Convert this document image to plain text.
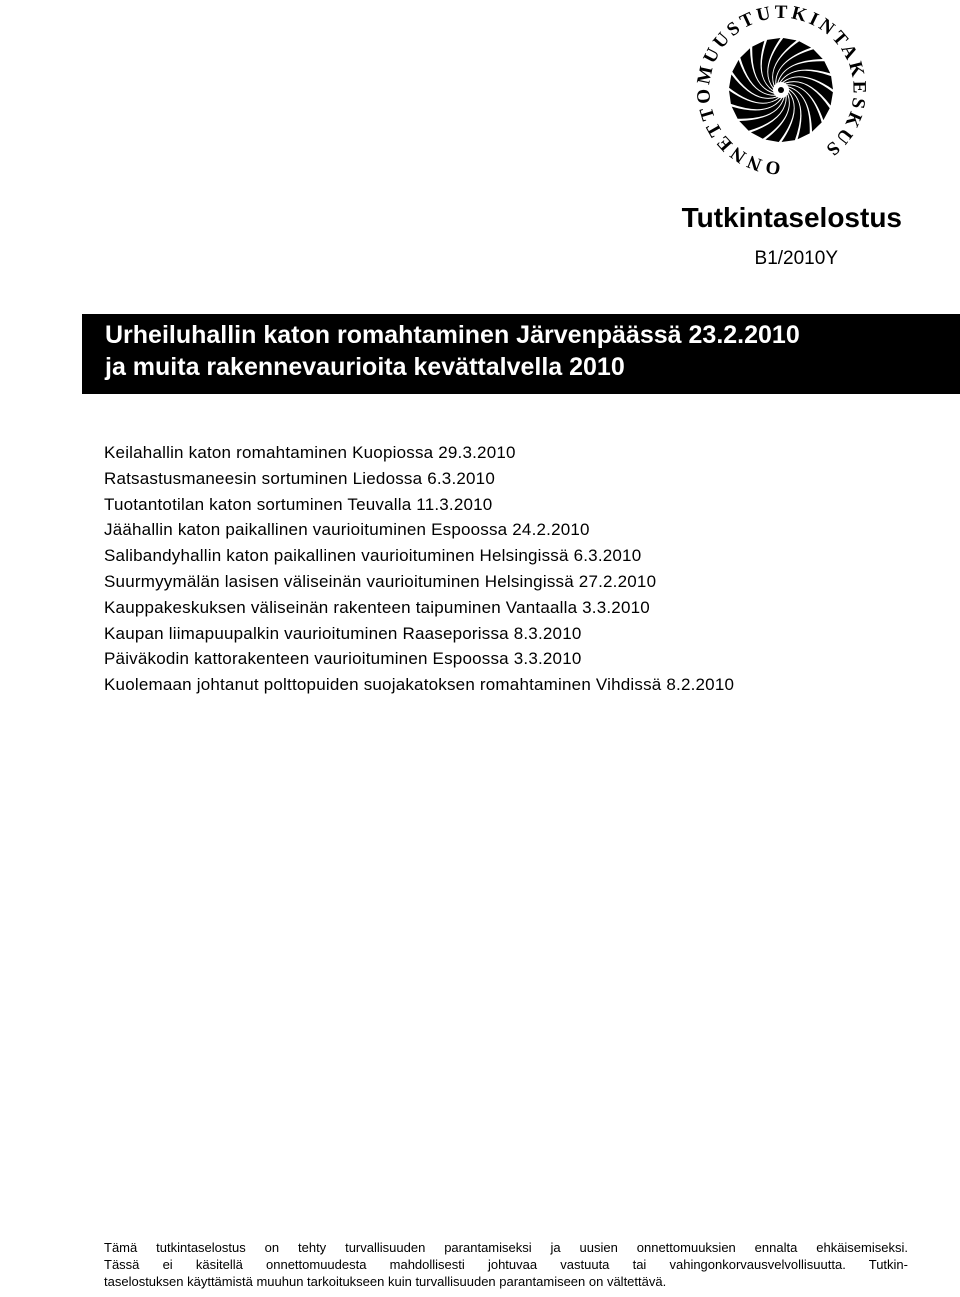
ONNETTOMUUSTUTKINTAKESKUS
Tutkintaselostus
B1/2010Y
Urheiluhallin katon romahtaminen Järvenpäässä 23.2.2010
ja muita rakennevaurioita kevättalvella 2010
Keilahallin katon romahtaminen Kuopiossa 29.3.2010
Ratsastusmaneesin sortuminen Liedossa 6.3.2010
Tuotantotilan katon sortuminen Teuvalla 11.3.2010
Jäähallin katon paikallinen vaurioituminen Espoossa 24.2.2010
Salibandyhallin katon paikallinen vaurioituminen Helsingissä 6.3.2010
Suurmyymälän lasisen väliseinän vaurioituminen Helsingissä 27.2.2010
Kauppakeskuksen väliseinän rakenteen taipuminen Vantaalla 3.3.2010
Kaupan liimapuupalkin vaurioituminen Raaseporissa 8.3.2010
Päiväkodin kattorakenteen vaurioituminen Espoossa 3.3.2010
Kuolemaan johtanut polttopuiden suojakatoksen romahtaminen Vihdissä 8.2.2010
Tämä tutkintaselostus on tehty turvallisuuden parantamiseksi ja uusien onnettomuuksien ennalta ehkäisemiseksi.
Tässä ei käsitellä onnettomuudesta mahdollisesti johtuvaa vastuuta tai vahingonkorvausvelvollisuutta. Tutkin-
taselostuksen käyttämistä muuhun tarkoitukseen kuin turvallisuuden parantamiseen on vältettävä.
